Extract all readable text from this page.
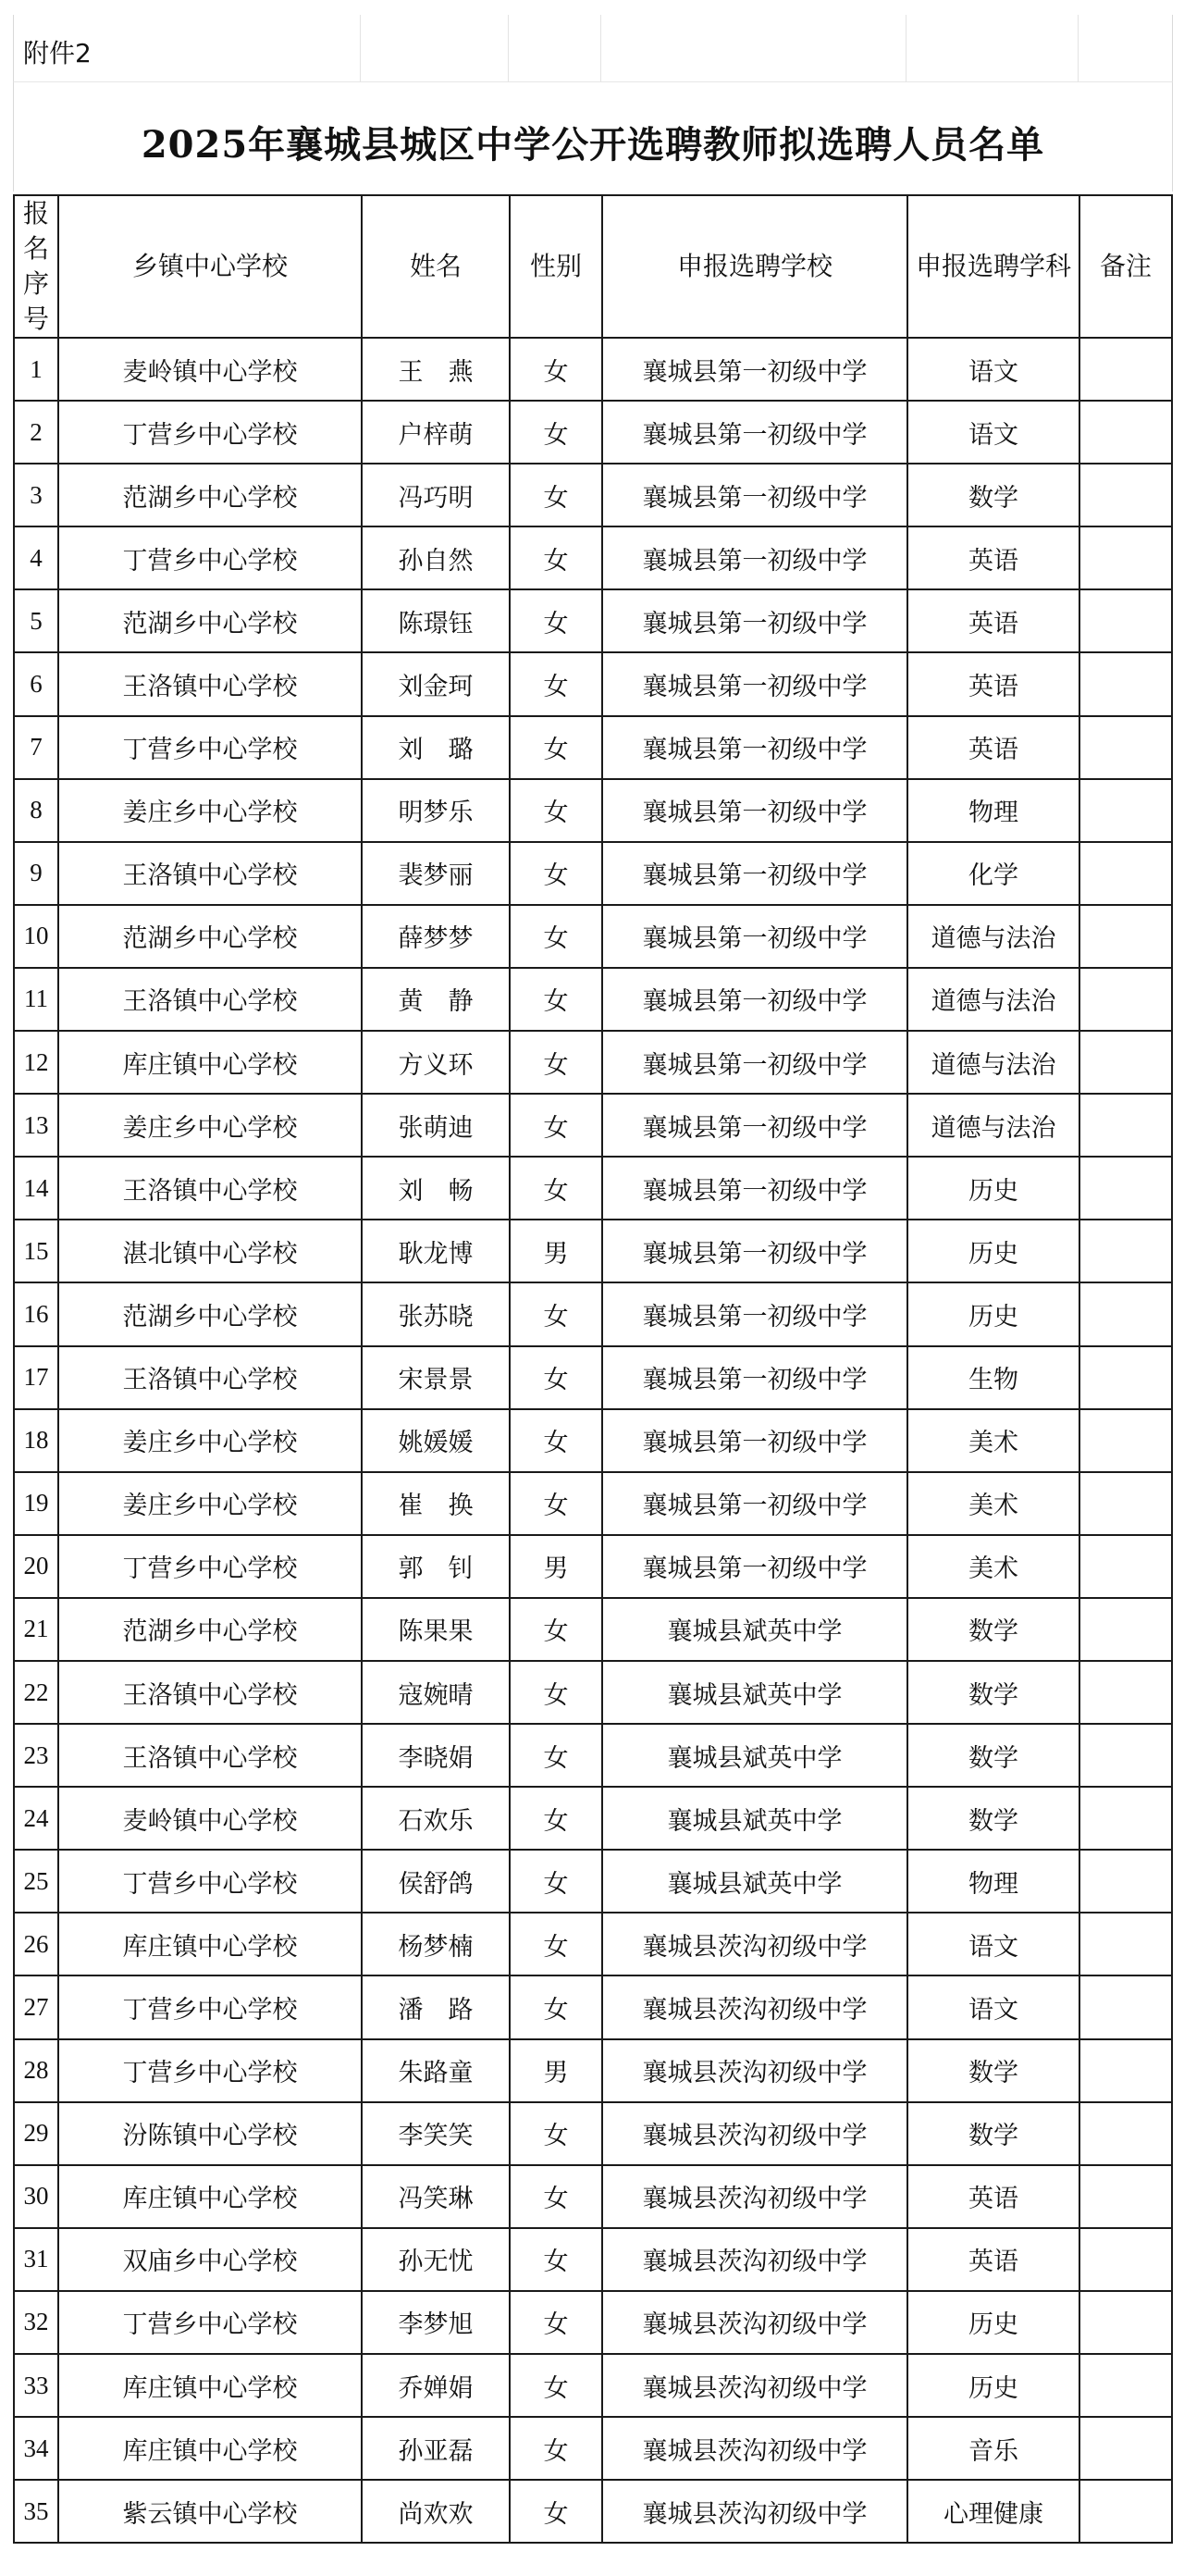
附件2
2025年襄城县城区中学公开选聘教师拟选聘人员名单
报名序号	乡镇中心学校	姓名	性别	申报选聘学校	申报选聘学科	备注
1	麦岭镇中心学校	王　燕	女	襄城县第一初级中学	语文	
2	丁营乡中心学校	户梓萌	女	襄城县第一初级中学	语文	
3	范湖乡中心学校	冯巧明	女	襄城县第一初级中学	数学	
4	丁营乡中心学校	孙自然	女	襄城县第一初级中学	英语	
5	范湖乡中心学校	陈璟钰	女	襄城县第一初级中学	英语	
6	王洛镇中心学校	刘金珂	女	襄城县第一初级中学	英语	
7	丁营乡中心学校	刘　璐	女	襄城县第一初级中学	英语	
8	姜庄乡中心学校	明梦乐	女	襄城县第一初级中学	物理	
9	王洛镇中心学校	裴梦丽	女	襄城县第一初级中学	化学	
10	范湖乡中心学校	薛梦梦	女	襄城县第一初级中学	道德与法治	
11	王洛镇中心学校	黄　静	女	襄城县第一初级中学	道德与法治	
12	库庄镇中心学校	方义环	女	襄城县第一初级中学	道德与法治	
13	姜庄乡中心学校	张萌迪	女	襄城县第一初级中学	道德与法治	
14	王洛镇中心学校	刘　畅	女	襄城县第一初级中学	历史	
15	湛北镇中心学校	耿龙博	男	襄城县第一初级中学	历史	
16	范湖乡中心学校	张苏晓	女	襄城县第一初级中学	历史	
17	王洛镇中心学校	宋景景	女	襄城县第一初级中学	生物	
18	姜庄乡中心学校	姚媛媛	女	襄城县第一初级中学	美术	
19	姜庄乡中心学校	崔　换	女	襄城县第一初级中学	美术	
20	丁营乡中心学校	郭　钊	男	襄城县第一初级中学	美术	
21	范湖乡中心学校	陈果果	女	襄城县斌英中学	数学	
22	王洛镇中心学校	寇婉晴	女	襄城县斌英中学	数学	
23	王洛镇中心学校	李晓娟	女	襄城县斌英中学	数学	
24	麦岭镇中心学校	石欢乐	女	襄城县斌英中学	数学	
25	丁营乡中心学校	侯舒鸽	女	襄城县斌英中学	物理	
26	库庄镇中心学校	杨梦楠	女	襄城县茨沟初级中学	语文	
27	丁营乡中心学校	潘　路	女	襄城县茨沟初级中学	语文	
28	丁营乡中心学校	朱路童	男	襄城县茨沟初级中学	数学	
29	汾陈镇中心学校	李笑笑	女	襄城县茨沟初级中学	数学	
30	库庄镇中心学校	冯笑琳	女	襄城县茨沟初级中学	英语	
31	双庙乡中心学校	孙无忧	女	襄城县茨沟初级中学	英语	
32	丁营乡中心学校	李梦旭	女	襄城县茨沟初级中学	历史	
33	库庄镇中心学校	乔婵娟	女	襄城县茨沟初级中学	历史	
34	库庄镇中心学校	孙亚磊	女	襄城县茨沟初级中学	音乐	
35	紫云镇中心学校	尚欢欢	女	襄城县茨沟初级中学	心理健康	
